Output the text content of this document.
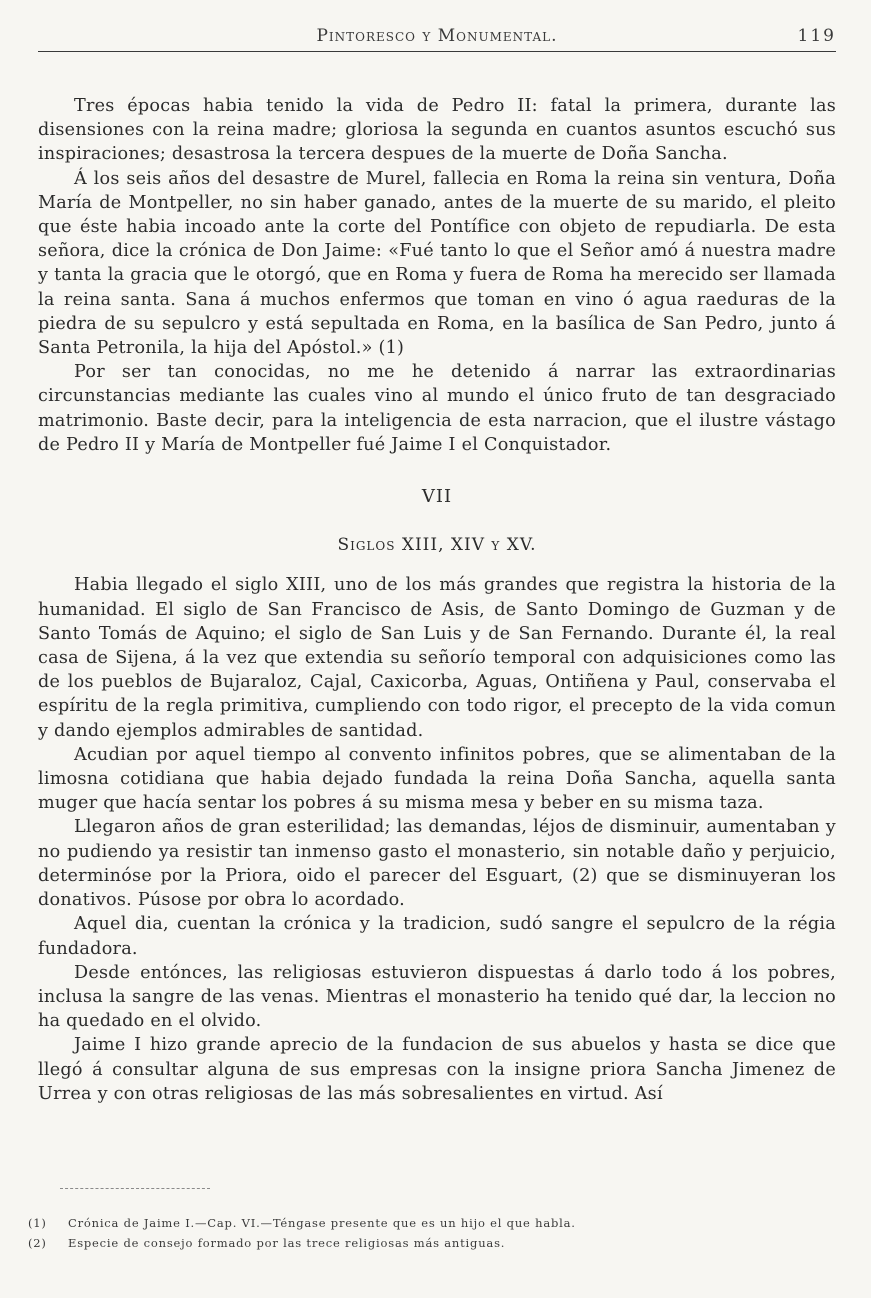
Pintoresco y Monumental.	119

Tres épocas habia tenido la vida de Pedro II: fatal la primera, durante las disensiones con la reina madre; gloriosa la segunda en cuantos asuntos escuchó sus inspiraciones; desastrosa la tercera despues de la muerte de Doña Sancha.

Á los seis años del desastre de Murel, fallecia en Roma la reina sin ventura, Doña María de Montpeller, no sin haber ganado, antes de la muerte de su marido, el pleito que éste habia incoado ante la corte del Pontífice con objeto de repudiarla. De esta señora, dice la crónica de Don Jaime: «Fué tanto lo que el Señor amó á nuestra madre y tanta la gracia que le otorgó, que en Roma y fuera de Roma ha merecido ser llamada la reina santa. Sana á muchos enfermos que toman en vino ó agua raeduras de la piedra de su sepulcro y está sepultada en Roma, en la basílica de San Pedro, junto á Santa Petronila, la hija del Apóstol.» (1)

Por ser tan conocidas, no me he detenido á narrar las extraordinarias circunstancias mediante las cuales vino al mundo el único fruto de tan desgraciado matrimonio. Baste decir, para la inteligencia de esta narracion, que el ilustre vástago de Pedro II y María de Montpeller fué Jaime I el Conquistador.

VII
Siglos XIII, XIV y XV.

Habia llegado el siglo XIII, uno de los más grandes que registra la historia de la humanidad. El siglo de San Francisco de Asis, de Santo Domingo de Guzman y de Santo Tomás de Aquino; el siglo de San Luis y de San Fernando. Durante él, la real casa de Sijena, á la vez que extendia su señorío temporal con adquisiciones como las de los pueblos de Bujaraloz, Cajal, Caxicorba, Aguas, Ontiñena y Paul, conservaba el espíritu de la regla primitiva, cumpliendo con todo rigor, el precepto de la vida comun y dando ejemplos admirables de santidad.

Acudian por aquel tiempo al convento infinitos pobres, que se alimentaban de la limosna cotidiana que habia dejado fundada la reina Doña Sancha, aquella santa muger que hacía sentar los pobres á su misma mesa y beber en su misma taza.

Llegaron años de gran esterilidad; las demandas, léjos de disminuir, aumentaban y no pudiendo ya resistir tan inmenso gasto el monasterio, sin notable daño y perjuicio, determinóse por la Priora, oido el parecer del Esguart, (2) que se disminuyeran los donativos. Púsose por obra lo acordado.

Aquel dia, cuentan la crónica y la tradicion, sudó sangre el sepulcro de la régia fundadora.

Desde entónces, las religiosas estuvieron dispuestas á darlo todo á los pobres, inclusa la sangre de las venas. Mientras el monasterio ha tenido qué dar, la leccion no ha quedado en el olvido.

Jaime I hizo grande aprecio de la fundacion de sus abuelos y hasta se dice que llegó á consultar alguna de sus empresas con la insigne priora Sancha Jimenez de Urrea y con otras religiosas de las más sobresalientes en virtud. Así

(1) Crónica de Jaime I.—Cap. VI.—Téngase presente que es un hijo el que habla.
(2) Especie de consejo formado por las trece religiosas más antiguas.
